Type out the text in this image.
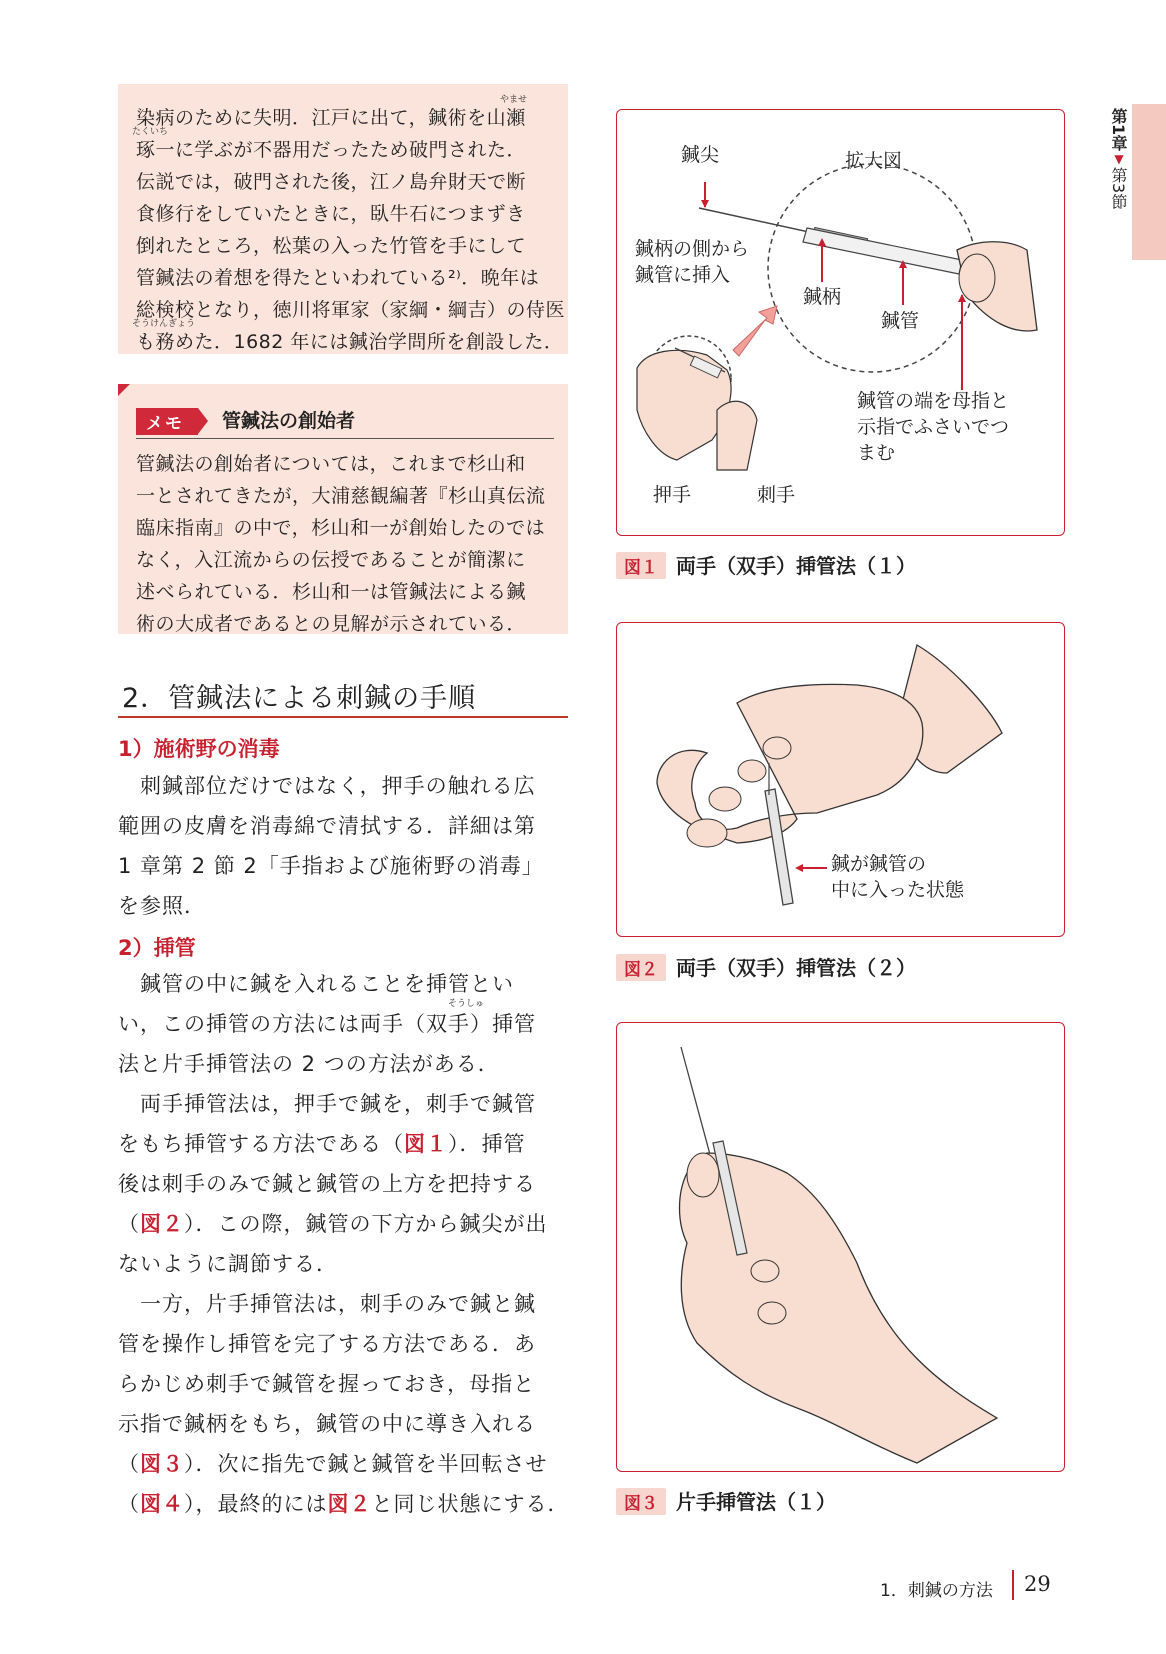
染病のために失明．江戸に出て，鍼術を山瀬
琢一に学ぶが不器用だったため破門された．
伝説では，破門された後，江ノ島弁財天で断
食修行をしていたときに，臥牛石につまずき
倒れたところ，松葉の入った竹管を手にして
管鍼法の着想を得たといわれている²⁾．晩年は
総検校となり，徳川将軍家（家綱・綱吉）の侍医
も務めた．1682 年には鍼治学問所を創設した．
やませ
たくいち
そうけんぎょう
メモ	管鍼法の創始者
管鍼法の創始者については，これまで杉山和
一とされてきたが，大浦慈観編著『杉山真伝流
臨床指南』の中で，杉山和一が創始したのでは
なく，入江流からの伝授であることが簡潔に
述べられている．杉山和一は管鍼法による鍼
術の大成者であるとの見解が示されている．
2．管鍼法による刺鍼の手順
1）施術野の消毒
　刺鍼部位だけではなく，押手の触れる広
範囲の皮膚を消毒綿で清拭する．詳細は第
1 章第 2 節 2「手指および施術野の消毒」
を参照．
2）挿管
そうしゅ
　鍼管の中に鍼を入れることを挿管とい
い，この挿管の方法には両手（双手）挿管
法と片手挿管法の 2 つの方法がある．
　両手挿管法は，押手で鍼を，刺手で鍼管
をもち挿管する方法である（図１）．挿管
後は刺手のみで鍼と鍼管の上方を把持する
（図２）．この際，鍼管の下方から鍼尖が出
ないように調節する．
　一方，片手挿管法は，刺手のみで鍼と鍼
管を操作し挿管を完了する方法である．あ
らかじめ刺手で鍼管を握っておき，母指と
示指で鍼柄をもち，鍼管の中に導き入れる
（図３）．次に指先で鍼と鍼管を半回転させ
（図４），最終的には図２と同じ状態にする．
鍼尖	拡大図
鍼柄の側から
鍼管に挿入
鍼柄
鍼管
鍼管の端を母指と
示指でふさいでつ
まむ
押手	刺手
図１ 両手（双手）挿管法（１）
鍼が鍼管の
中に入った状態
図２ 両手（双手）挿管法（２）
図３ 片手挿管法（１）
第1章
▼
第3節
1．刺鍼の方法 29
